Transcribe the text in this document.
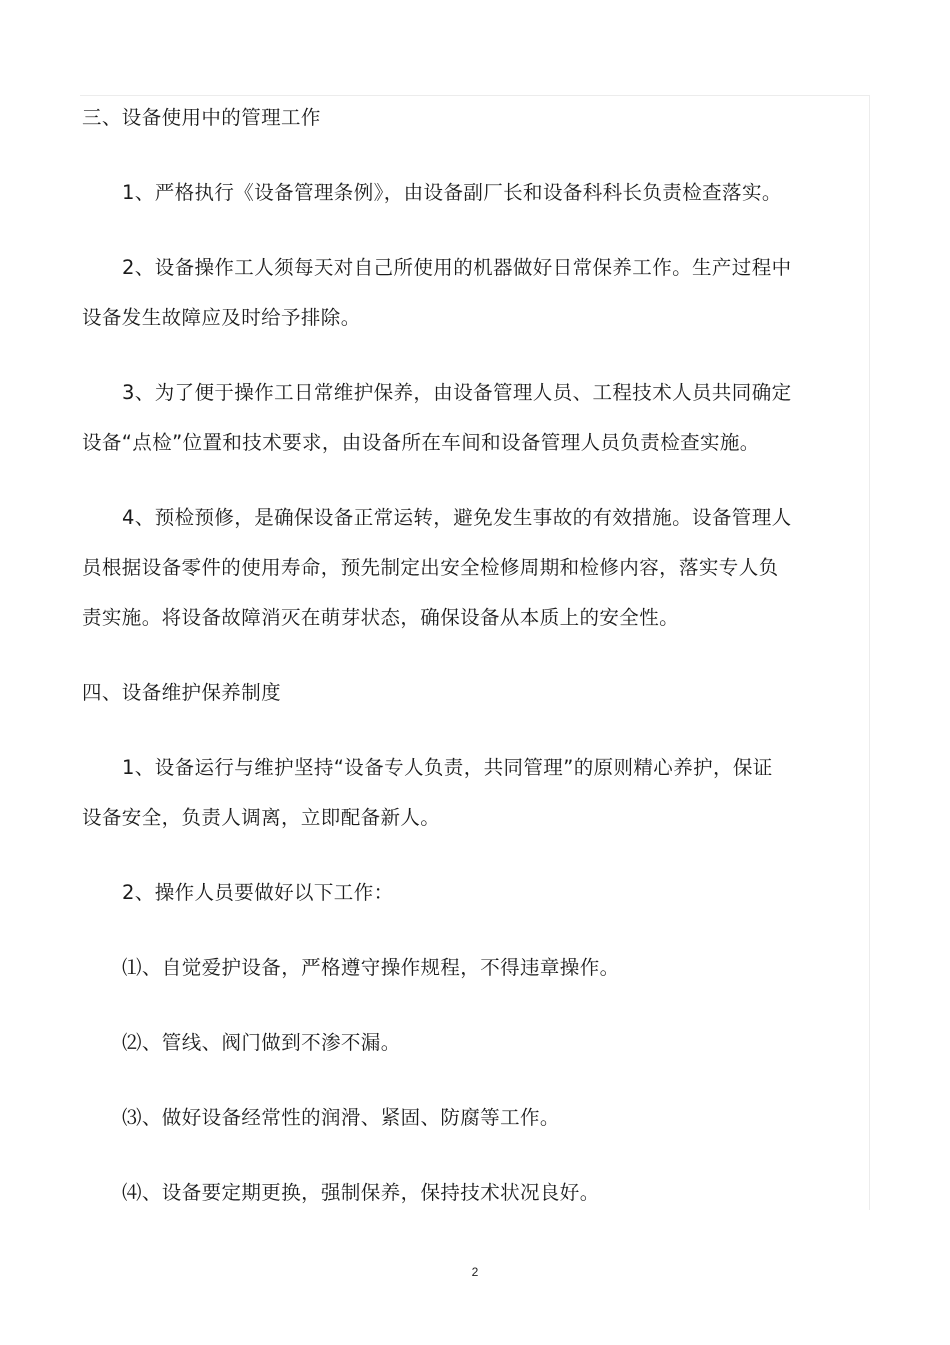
三、设备使用中的管理工作
1、严格执行《设备管理条例》，由设备副厂长和设备科科长负责检查落实。
2、设备操作工人须每天对自己所使用的机器做好日常保养工作。生产过程中
设备发生故障应及时给予排除。
3、为了便于操作工日常维护保养，由设备管理人员、工程技术人员共同确定
设备“点检”位置和技术要求，由设备所在车间和设备管理人员负责检查实施。
4、预检预修，是确保设备正常运转，避免发生事故的有效措施。设备管理人
员根据设备零件的使用寿命，预先制定出安全检修周期和检修内容，落实专人负
责实施。将设备故障消灭在萌芽状态，确保设备从本质上的安全性。
四、设备维护保养制度
1、设备运行与维护坚持“设备专人负责，共同管理”的原则精心养护，保证
设备安全，负责人调离，立即配备新人。
2、操作人员要做好以下工作：
⑴、自觉爱护设备，严格遵守操作规程，不得违章操作。
⑵、管线、阀门做到不渗不漏。
⑶、做好设备经常性的润滑、紧固、防腐等工作。
⑷、设备要定期更换，强制保养，保持技术状况良好。
2
